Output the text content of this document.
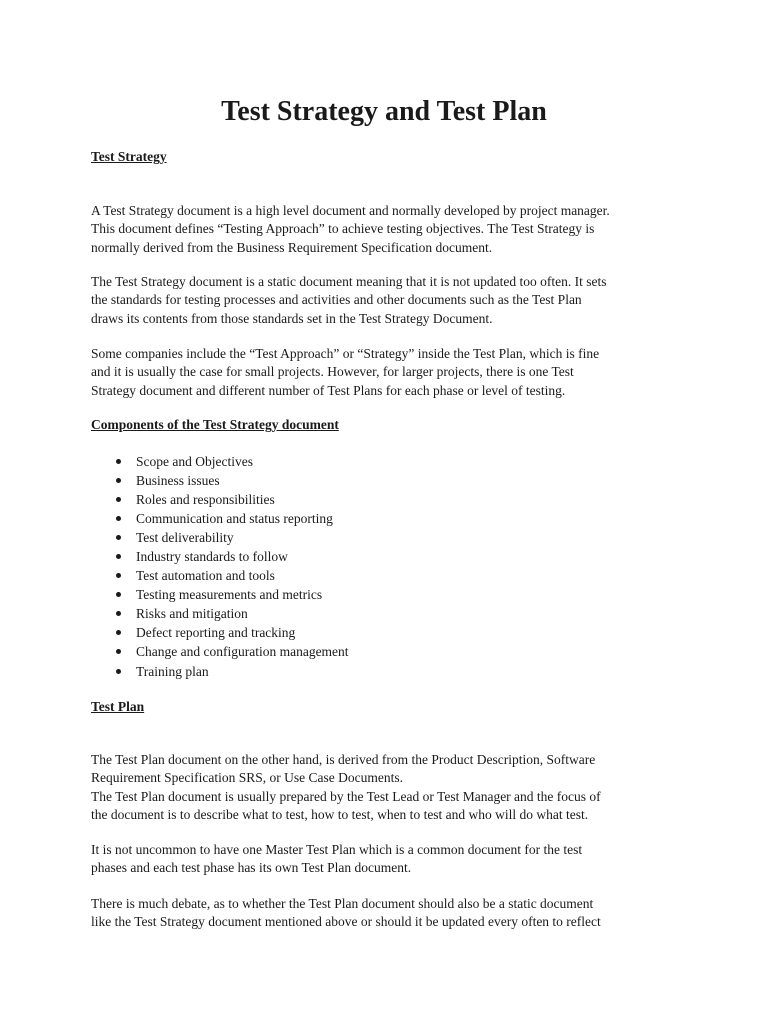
Test Strategy and Test Plan
Test Strategy

A Test Strategy document is a high level document and normally developed by project manager.
This document defines “Testing Approach” to achieve testing objectives. The Test Strategy is
normally derived from the Business Requirement Specification document.

The Test Strategy document is a static document meaning that it is not updated too often. It sets
the standards for testing processes and activities and other documents such as the Test Plan
draws its contents from those standards set in the Test Strategy Document.

Some companies include the “Test Approach” or “Strategy” inside the Test Plan, which is fine
and it is usually the case for small projects. However, for larger projects, there is one Test
Strategy document and different number of Test Plans for each phase or level of testing.

Components of the Test Strategy document
Scope and Objectives
Business issues
Roles and responsibilities
Communication and status reporting
Test deliverability
Industry standards to follow
Test automation and tools
Testing measurements and metrics
Risks and mitigation
Defect reporting and tracking
Change and configuration management
Training plan
Test Plan

The Test Plan document on the other hand, is derived from the Product Description, Software
Requirement Specification SRS, or Use Case Documents.
The Test Plan document is usually prepared by the Test Lead or Test Manager and the focus of
the document is to describe what to test, how to test, when to test and who will do what test.

It is not uncommon to have one Master Test Plan which is a common document for the test
phases and each test phase has its own Test Plan document.

There is much debate, as to whether the Test Plan document should also be a static document
like the Test Strategy document mentioned above or should it be updated every often to reflect
